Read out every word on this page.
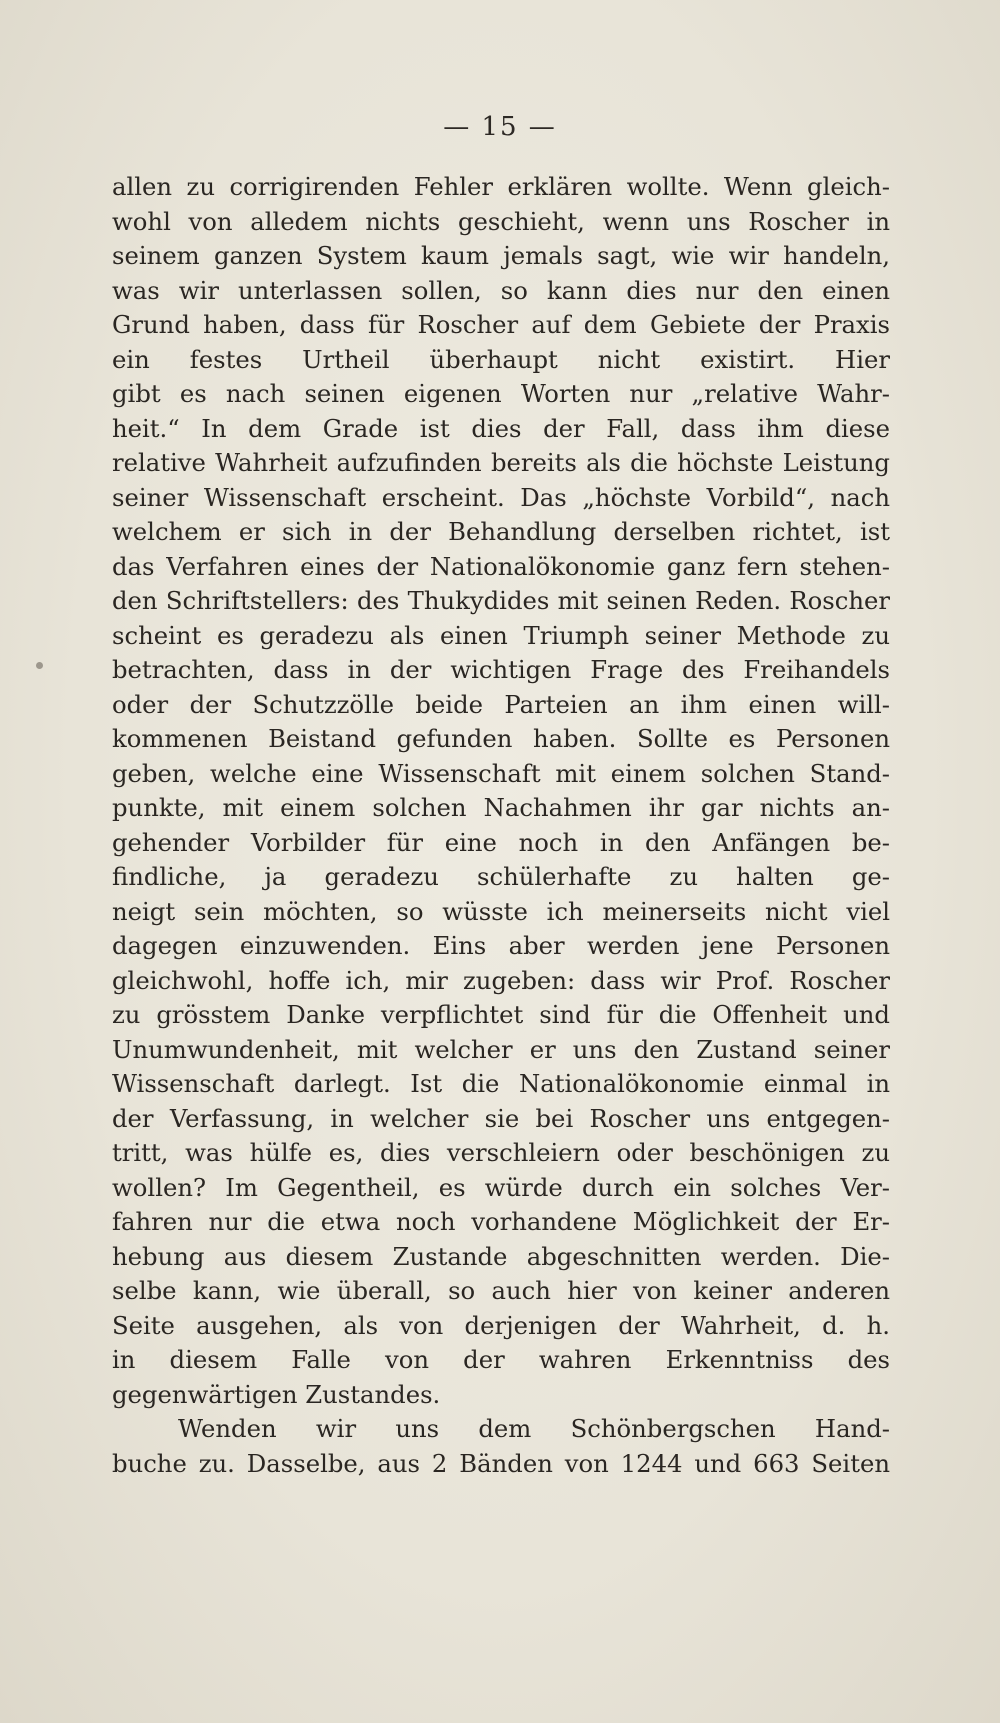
— 15 —
allen zu corrigirenden Fehler erklären wollte. Wenn gleich-
wohl von alledem nichts geschieht, wenn uns Roscher in
seinem ganzen System kaum jemals sagt, wie wir handeln,
was wir unterlassen sollen, so kann dies nur den einen
Grund haben, dass für Roscher auf dem Gebiete der Praxis
ein festes Urtheil überhaupt nicht existirt. Hier
gibt es nach seinen eigenen Worten nur „relative Wahr-
heit.“ In dem Grade ist dies der Fall, dass ihm diese
relative Wahrheit aufzufinden bereits als die höchste Leistung
seiner Wissenschaft erscheint. Das „höchste Vorbild“, nach
welchem er sich in der Behandlung derselben richtet, ist
das Verfahren eines der Nationalökonomie ganz fern stehen-
den Schriftstellers: des Thukydides mit seinen Reden. Roscher
scheint es geradezu als einen Triumph seiner Methode zu
betrachten, dass in der wichtigen Frage des Freihandels
oder der Schutzzölle beide Parteien an ihm einen will-
kommenen Beistand gefunden haben. Sollte es Personen
geben, welche eine Wissenschaft mit einem solchen Stand-
punkte, mit einem solchen Nachahmen ihr gar nichts an-
gehender Vorbilder für eine noch in den Anfängen be-
findliche, ja geradezu schülerhafte zu halten ge-
neigt sein möchten, so wüsste ich meinerseits nicht viel
dagegen einzuwenden. Eins aber werden jene Personen
gleichwohl, hoffe ich, mir zugeben: dass wir Prof. Roscher
zu grösstem Danke verpflichtet sind für die Offenheit und
Unumwundenheit, mit welcher er uns den Zustand seiner
Wissenschaft darlegt. Ist die Nationalökonomie einmal in
der Verfassung, in welcher sie bei Roscher uns entgegen-
tritt, was hülfe es, dies verschleiern oder beschönigen zu
wollen? Im Gegentheil, es würde durch ein solches Ver-
fahren nur die etwa noch vorhandene Möglichkeit der Er-
hebung aus diesem Zustande abgeschnitten werden. Die-
selbe kann, wie überall, so auch hier von keiner anderen
Seite ausgehen, als von derjenigen der Wahrheit, d. h.
in diesem Falle von der wahren Erkenntniss des
gegenwärtigen Zustandes.
Wenden wir uns dem Schönbergschen Hand-
buche zu. Dasselbe, aus 2 Bänden von 1244 und 663 Seiten
